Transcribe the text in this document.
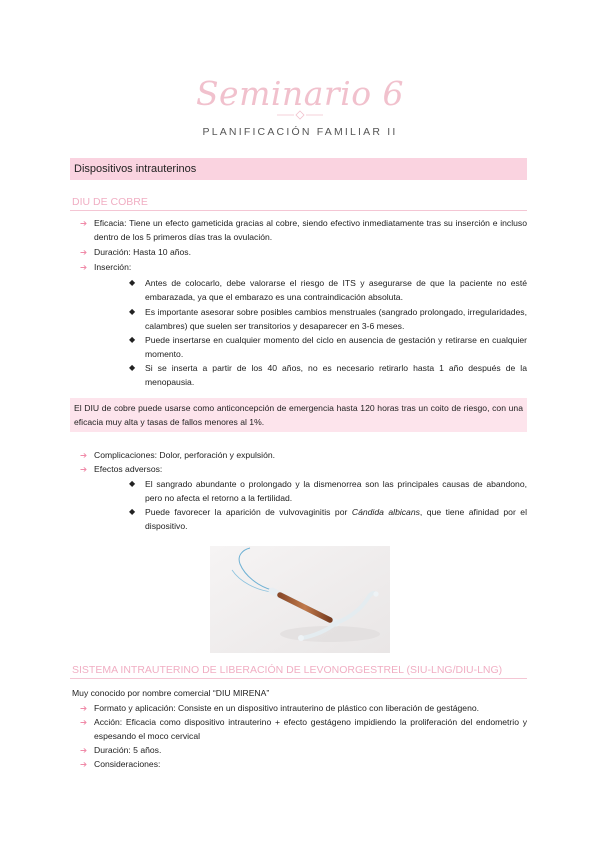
Seminario 6
PLANIFICACIÓN FAMILIAR II
Dispositivos intrauterinos
DIU DE COBRE
➔ Eficacia: Tiene un efecto gameticida gracias al cobre, siendo efectivo inmediatamente tras su inserción e incluso dentro de los 5 primeros días tras la ovulación.
➔ Duración: Hasta 10 años.
➔ Inserción:
◆ Antes de colocarlo, debe valorarse el riesgo de ITS y asegurarse de que la paciente no esté embarazada, ya que el embarazo es una contraindicación absoluta.
◆ Es importante asesorar sobre posibles cambios menstruales (sangrado prolongado, irregularidades, calambres) que suelen ser transitorios y desaparecer en 3-6 meses.
◆ Puede insertarse en cualquier momento del ciclo en ausencia de gestación y retirarse en cualquier momento.
◆ Si se inserta a partir de los 40 años, no es necesario retirarlo hasta 1 año después de la menopausia.
El DIU de cobre puede usarse como anticoncepción de emergencia hasta 120 horas tras un coito de riesgo, con una eficacia muy alta y tasas de fallos menores al 1%.
➔ Complicaciones: Dolor, perforación y expulsión.
➔ Efectos adversos:
◆ El sangrado abundante o prolongado y la dismenorrea son las principales causas de abandono, pero no afecta el retorno a la fertilidad.
◆ Puede favorecer la aparición de vulvovaginitis por Cándida albicans, que tiene afinidad por el dispositivo.
SISTEMA INTRAUTERINO DE LIBERACIÓN DE LEVONORGESTREL (SIU-LNG/DIU-LNG)
Muy conocido por nombre comercial “DIU MIRENA”
➔ Formato y aplicación: Consiste en un dispositivo intrauterino de plástico con liberación de gestágeno.
➔ Acción: Eficacia como dispositivo intrauterino + efecto gestágeno impidiendo la proliferación del endometrio y espesando el moco cervical
➔ Duración: 5 años.
➔ Consideraciones:
